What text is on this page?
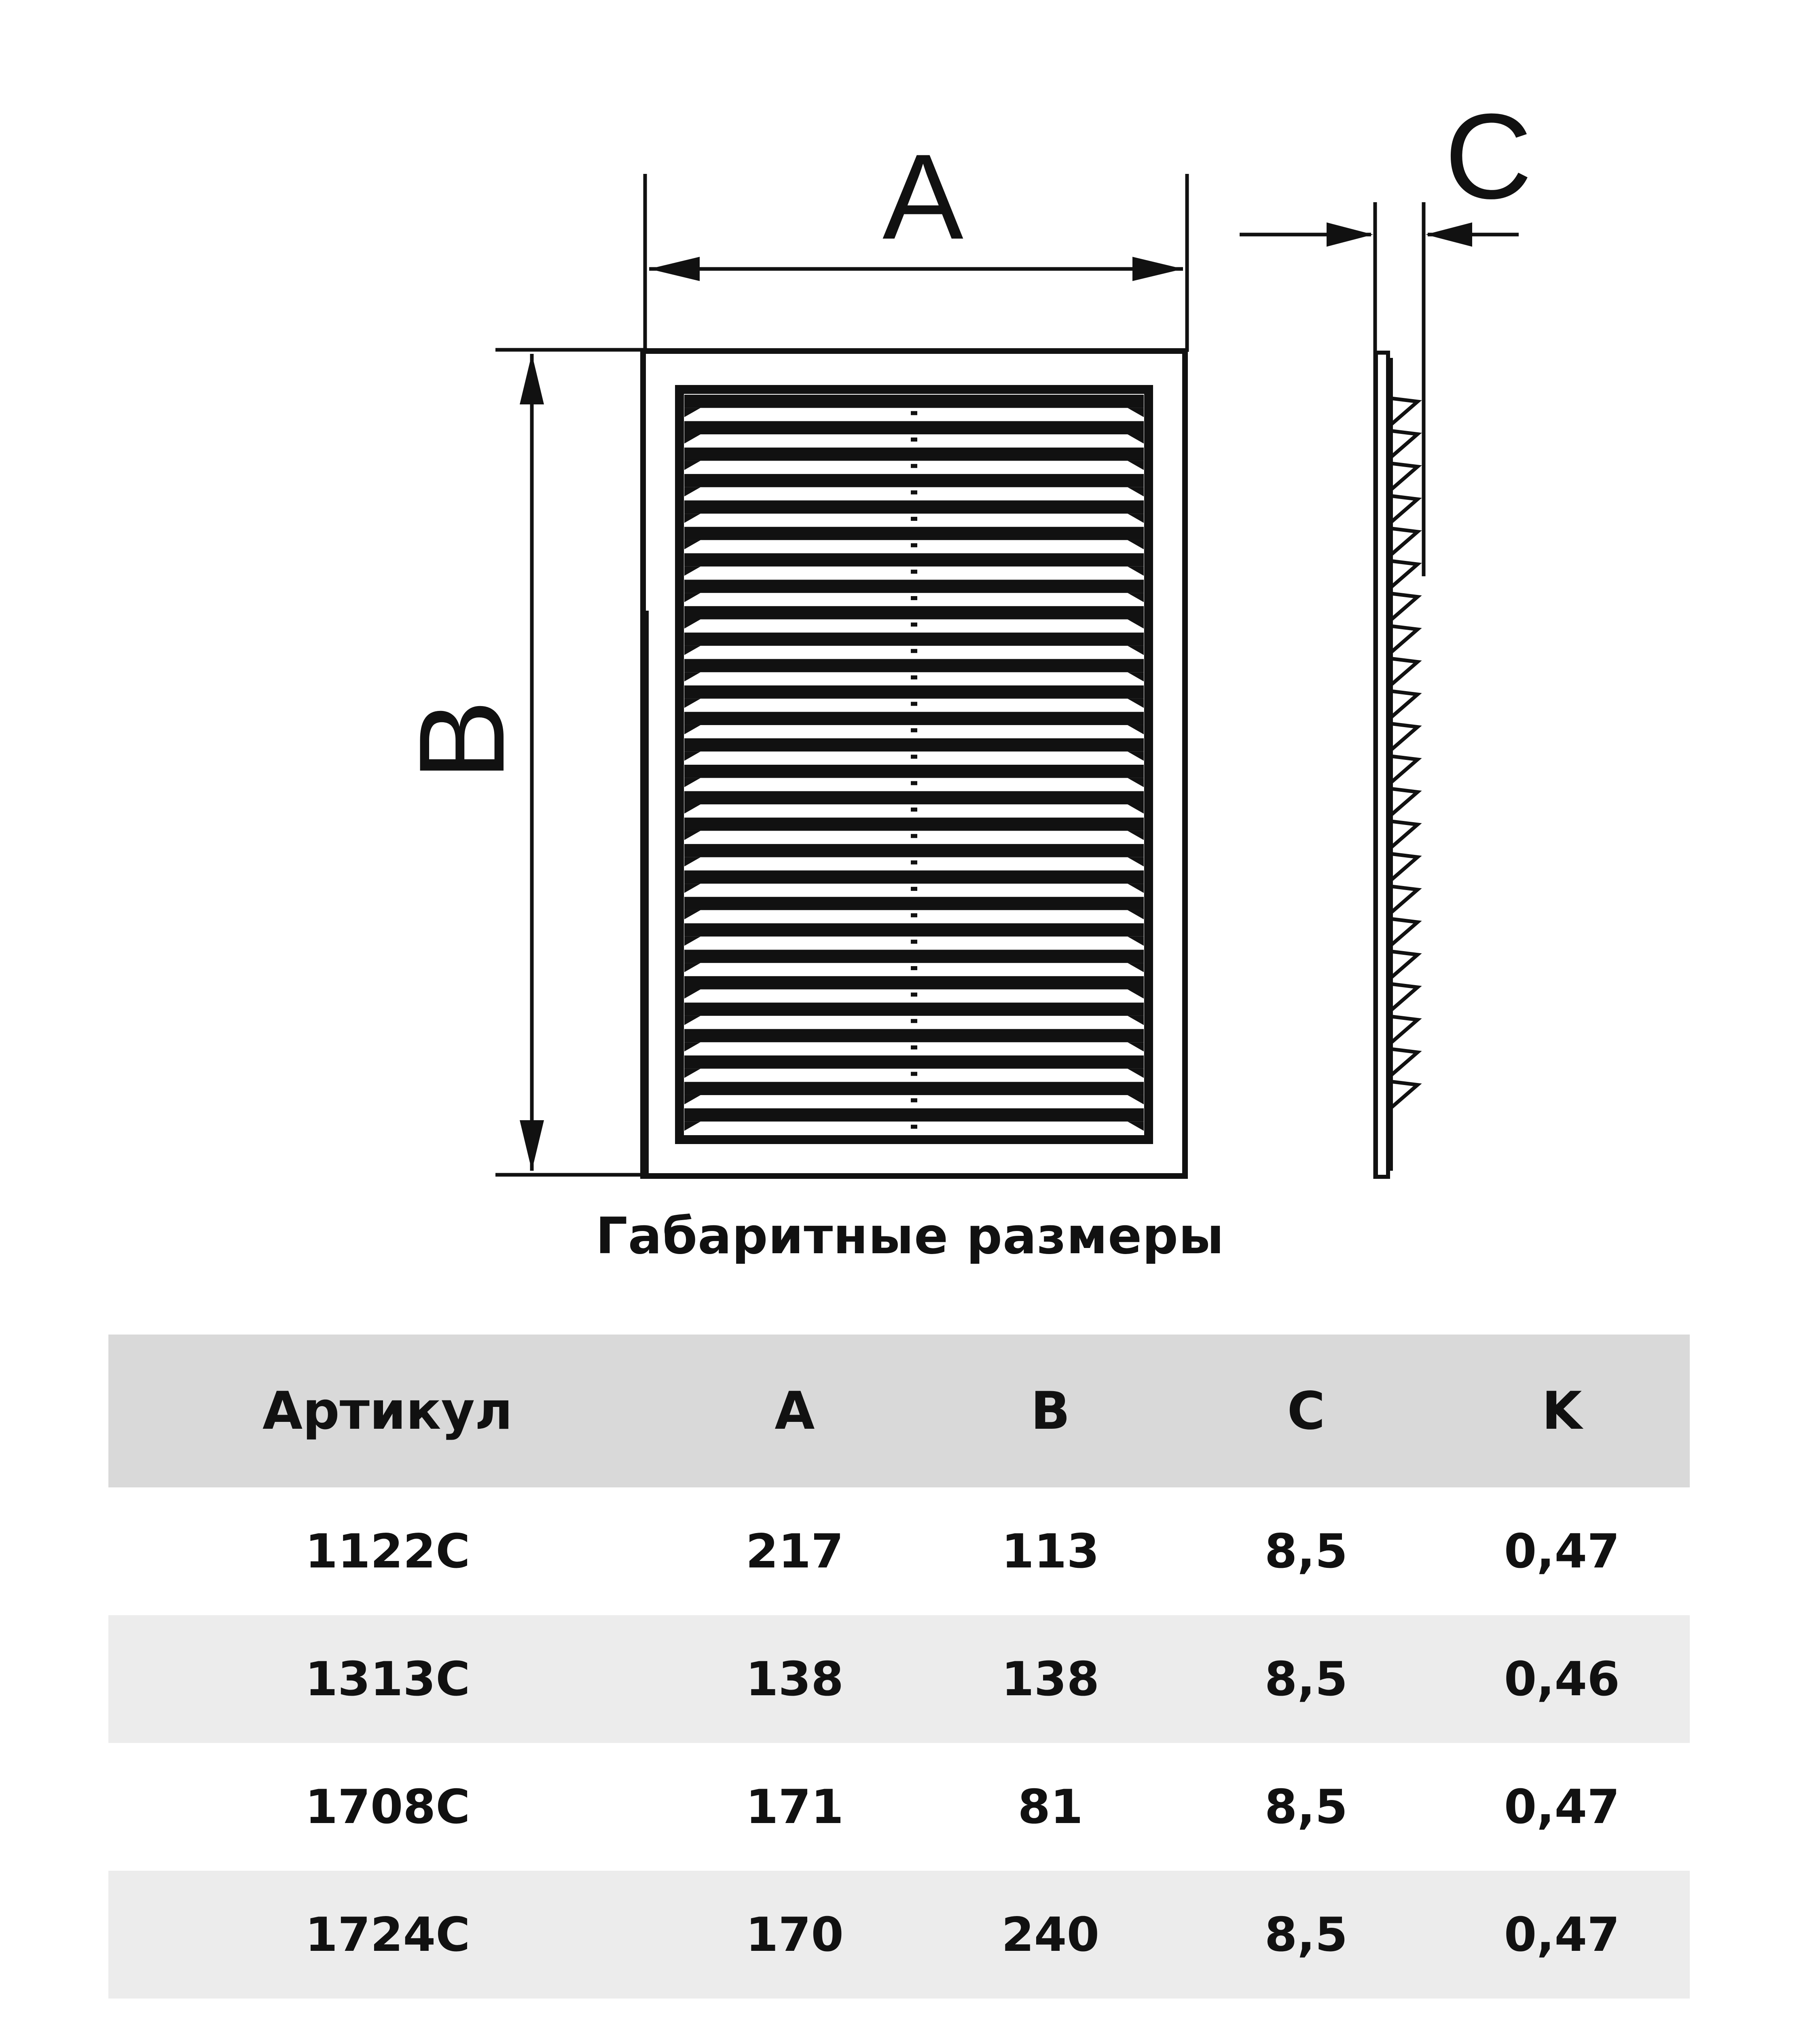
A
B
C
Габаритные размеры
Артикул	A	B	C	K
1122C	217	113	8,5	0,47
1313C	138	138	8,5	0,46
1708C	171	81	8,5	0,47
1724C	170	240	8,5	0,47
